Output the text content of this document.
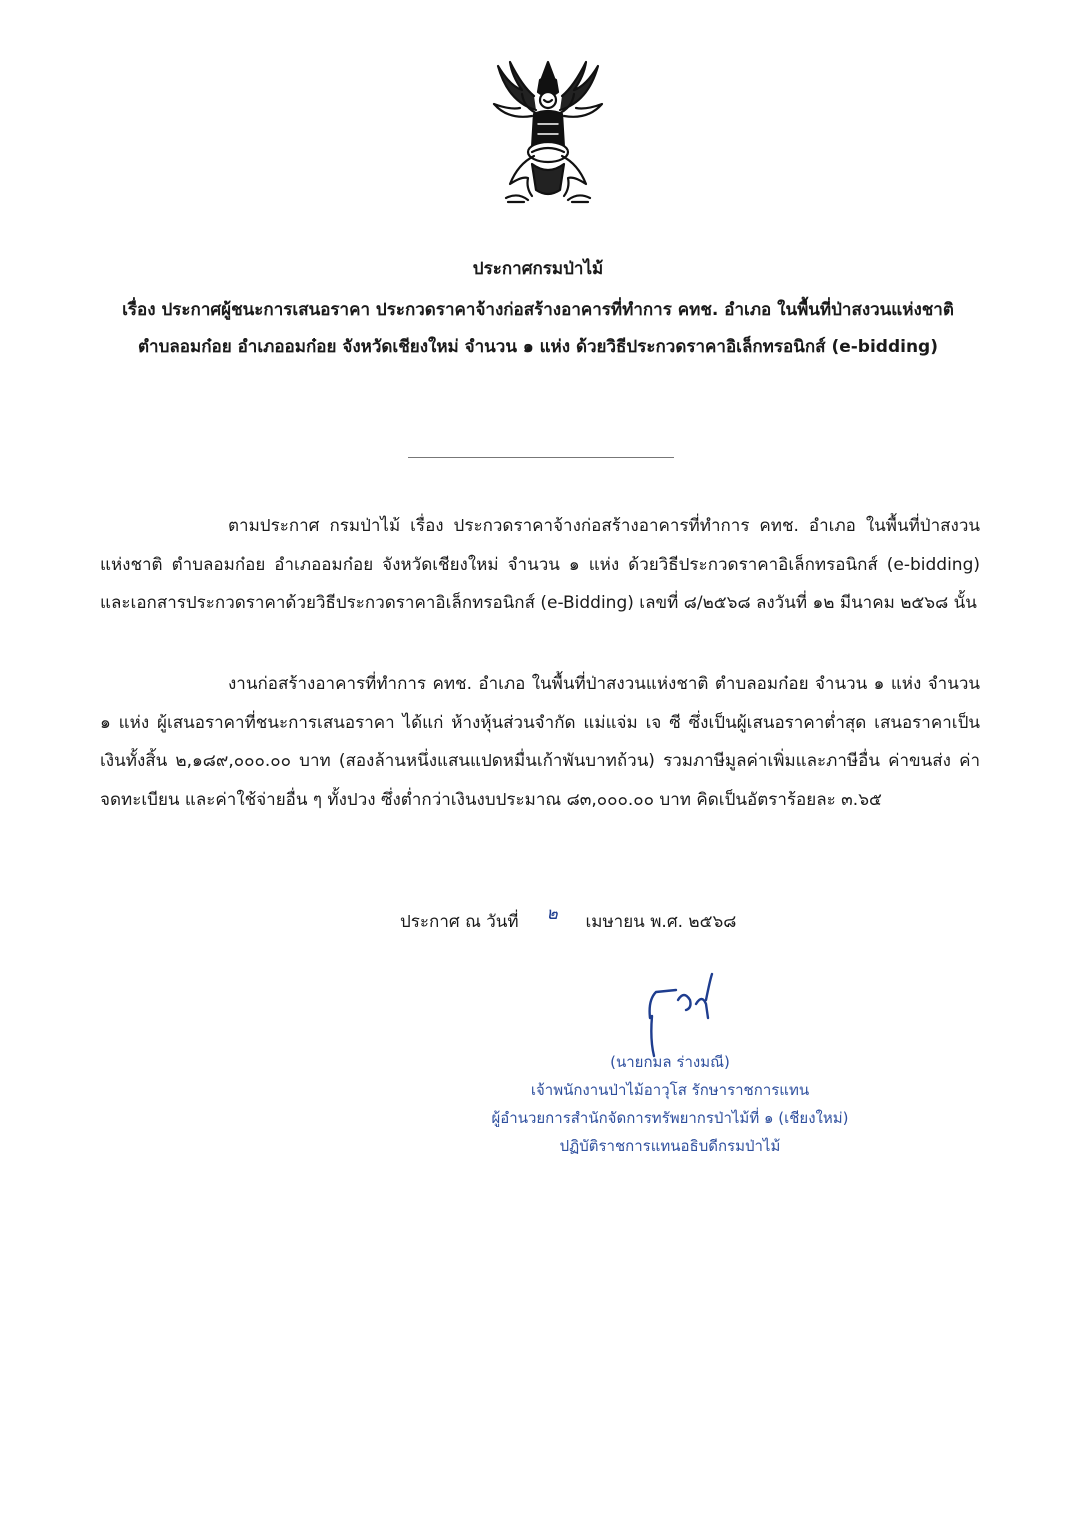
ประกาศกรมป่าไม้
เรื่อง ประกาศผู้ชนะการเสนอราคา ประกวดราคาจ้างก่อสร้างอาคารที่ทำการ คทช. อำเภอ ในพื้นที่ป่าสงวนแห่งชาติ ตำบลอมก๋อย อำเภออมก๋อย จังหวัดเชียงใหม่ จำนวน ๑ แห่ง ด้วยวิธีประกวดราคาอิเล็กทรอนิกส์ (e-bidding)
ตามประกาศ กรมป่าไม้ เรื่อง ประกวดราคาจ้างก่อสร้างอาคารที่ทำการ คทช. อำเภอ ในพื้นที่ป่าสงวนแห่งชาติ ตำบลอมก๋อย อำเภออมก๋อย จังหวัดเชียงใหม่ จำนวน ๑ แห่ง ด้วยวิธีประกวดราคาอิเล็กทรอนิกส์ (e-bidding) และเอกสารประกวดราคาด้วยวิธีประกวดราคาอิเล็กทรอนิกส์ (e-Bidding) เลขที่ ๘/๒๕๖๘ ลงวันที่ ๑๒ มีนาคม ๒๕๖๘ นั้น
งานก่อสร้างอาคารที่ทำการ คทช. อำเภอ ในพื้นที่ป่าสงวนแห่งชาติ ตำบลอมก๋อย จำนวน ๑ แห่ง จำนวน ๑ แห่ง ผู้เสนอราคาที่ชนะการเสนอราคา ได้แก่ ห้างหุ้นส่วนจำกัด แม่แจ่ม เจ ซี ซึ่งเป็นผู้เสนอราคาต่ำสุด เสนอราคาเป็นเงินทั้งสิ้น ๒,๑๘๙,๐๐๐.๐๐ บาท (สองล้านหนึ่งแสนแปดหมื่นเก้าพันบาทถ้วน) รวมภาษีมูลค่าเพิ่มและภาษีอื่น ค่าขนส่ง ค่าจดทะเบียน และค่าใช้จ่ายอื่น ๆ ทั้งปวง ซึ่งต่ำกว่าเงินงบประมาณ ๘๓,๐๐๐.๐๐ บาท คิดเป็นอัตราร้อยละ ๓.๖๕
ประกาศ ณ วันที่ ๒ เมษายน พ.ศ. ๒๕๖๘
(นายกมล ร่างมณี)
เจ้าพนักงานป่าไม้อาวุโส รักษาราชการแทน
ผู้อำนวยการสำนักจัดการทรัพยากรป่าไม้ที่ ๑ (เชียงใหม่)
ปฏิบัติราชการแทนอธิบดีกรมป่าไม้
